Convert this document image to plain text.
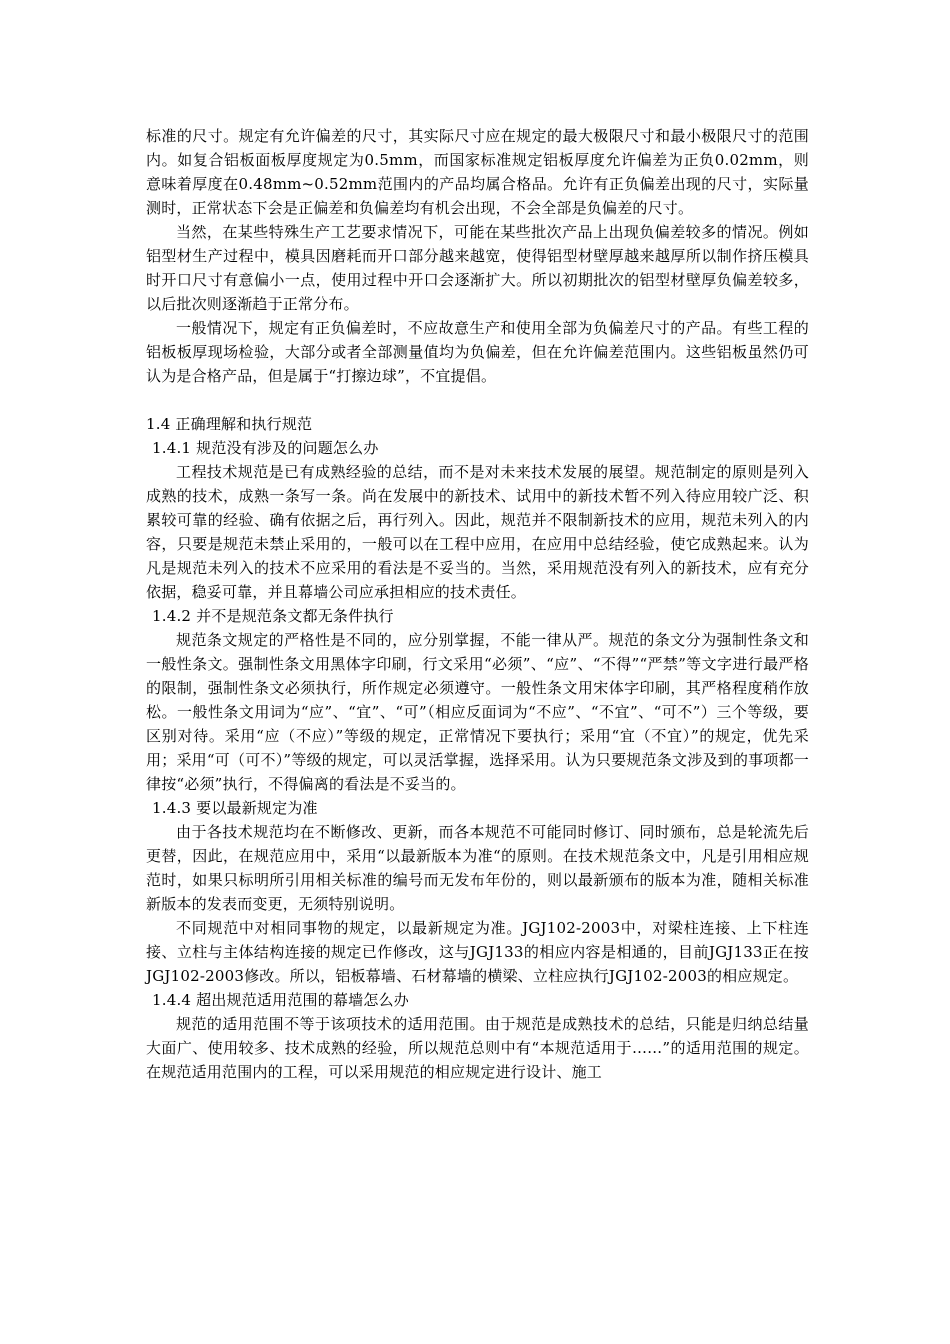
标准的尺寸。规定有允许偏差的尺寸，其实际尺寸应在规定的最大极限尺寸和最小极限尺寸的范围内。如复合铝板面板厚度规定为0.5mm，而国家标准规定铝板厚度允许偏差为正负0.02mm，则意味着厚度在0.48mm~0.52mm范围内的产品均属合格品。允许有正负偏差出现的尺寸，实际量测时，正常状态下会是正偏差和负偏差均有机会出现，不会全部是负偏差的尺寸。

当然，在某些特殊生产工艺要求情况下，可能在某些批次产品上出现负偏差较多的情况。例如铝型材生产过程中，模具因磨耗而开口部分越来越宽，使得铝型材壁厚越来越厚所以制作挤压模具时开口尺寸有意偏小一点，使用过程中开口会逐渐扩大。所以初期批次的铝型材壁厚负偏差较多，以后批次则逐渐趋于正常分布。

一般情况下，规定有正负偏差时，不应故意生产和使用全部为负偏差尺寸的产品。有些工程的铝板板厚现场检验，大部分或者全部测量值均为负偏差，但在允许偏差范围内。这些铝板虽然仍可认为是合格产品，但是属于“打擦边球”，不宜提倡。

1.4 正确理解和执行规范

1.4.1 规范没有涉及的问题怎么办

工程技术规范是已有成熟经验的总结，而不是对未来技术发展的展望。规范制定的原则是列入成熟的技术，成熟一条写一条。尚在发展中的新技术、试用中的新技术暂不列入待应用较广泛、积累较可靠的经验、确有依据之后，再行列入。因此，规范并不限制新技术的应用，规范未列入的内容，只要是规范未禁止采用的，一般可以在工程中应用，在应用中总结经验，使它成熟起来。认为凡是规范未列入的技术不应采用的看法是不妥当的。当然，采用规范没有列入的新技术，应有充分依据，稳妥可靠，并且幕墙公司应承担相应的技术责任。

1.4.2 并不是规范条文都无条件执行

规范条文规定的严格性是不同的，应分别掌握，不能一律从严。规范的条文分为强制性条文和一般性条文。强制性条文用黑体字印刷，行文采用“必须”、“应”、“不得”“严禁”等文字进行最严格的限制，强制性条文必须执行，所作规定必须遵守。一般性条文用宋体字印刷，其严格程度稍作放松。一般性条文用词为“应”、“宜”、“可”（相应反面词为“不应”、“不宜”、“可不”）三个等级，要区别对待。采用“应（不应）”等级的规定，正常情况下要执行；采用“宜（不宜）”的规定，优先采用；采用“可（可不）”等级的规定，可以灵活掌握，选择采用。认为只要规范条文涉及到的事项都一律按“必须”执行，不得偏离的看法是不妥当的。

1.4.3 要以最新规定为准

由于各技术规范均在不断修改、更新，而各本规范不可能同时修订、同时颁布，总是轮流先后更替，因此，在规范应用中，采用“以最新版本为准“的原则。在技术规范条文中，凡是引用相应规范时，如果只标明所引用相关标准的编号而无发布年份的，则以最新颁布的版本为准，随相关标准新版本的发表而变更，无须特别说明。

不同规范中对相同事物的规定，以最新规定为准。JGJ102-2003中，对梁柱连接、上下柱连接、立柱与主体结构连接的规定已作修改，这与JGJ133的相应内容是相通的，目前JGJ133正在按JGJ102-2003修改。所以，铝板幕墙、石材幕墙的横梁、立柱应执行JGJ102-2003的相应规定。

1.4.4 超出规范适用范围的幕墙怎么办

规范的适用范围不等于该项技术的适用范围。由于规范是成熟技术的总结，只能是归纳总结量大面广、使用较多、技术成熟的经验，所以规范总则中有“本规范适用于……”的适用范围的规定。在规范适用范围内的工程，可以采用规范的相应规定进行设计、施工
